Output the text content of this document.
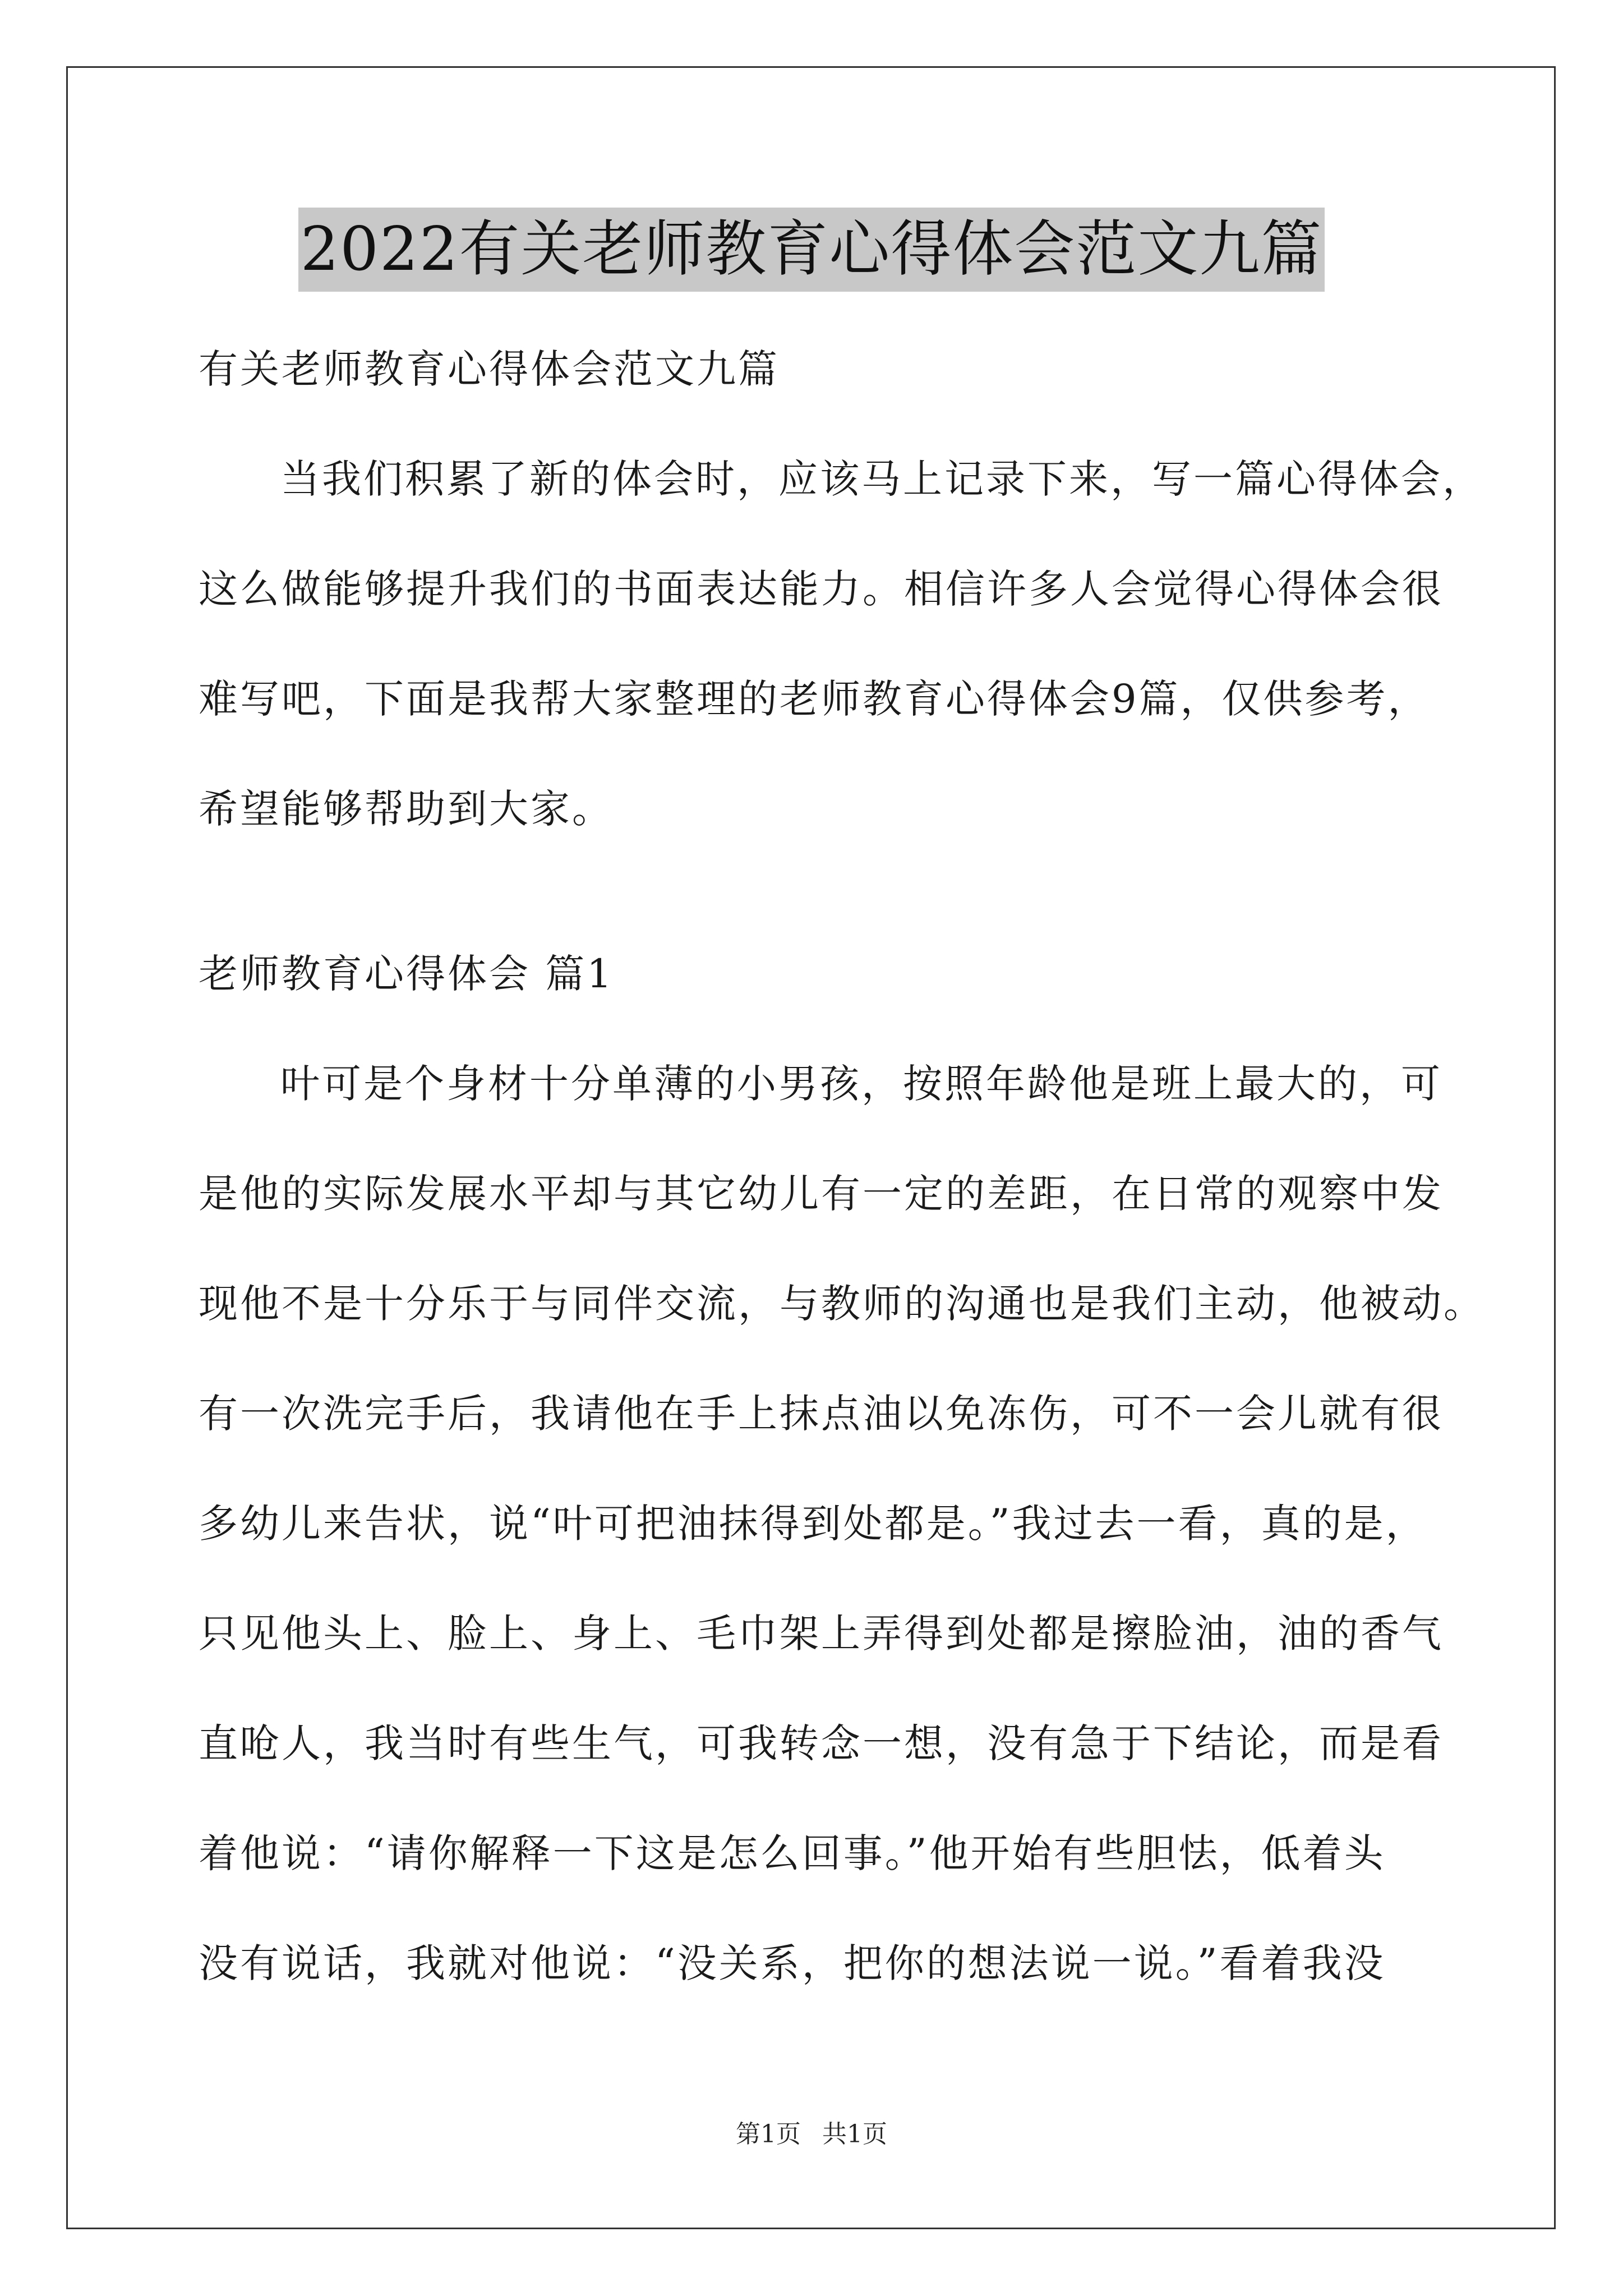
2022有关老师教育心得体会范文九篇
有关老师教育心得体会范文九篇
当我们积累了新的体会时，应该马上记录下来，写一篇心得体会，
这么做能够提升我们的书面表达能力。相信许多人会觉得心得体会很
难写吧，下面是我帮大家整理的老师教育心得体会9篇，仅供参考，
希望能够帮助到大家。
老师教育心得体会 篇1
叶可是个身材十分单薄的小男孩，按照年龄他是班上最大的，可
是他的实际发展水平却与其它幼儿有一定的差距，在日常的观察中发
现他不是十分乐于与同伴交流，与教师的沟通也是我们主动，他被动。
有一次洗完手后，我请他在手上抹点油以免冻伤，可不一会儿就有很
多幼儿来告状，说“叶可把油抹得到处都是。”我过去一看，真的是，
只见他头上、脸上、身上、毛巾架上弄得到处都是擦脸油，油的香气
直呛人，我当时有些生气，可我转念一想，没有急于下结论，而是看
着他说：“请你解释一下这是怎么回事。”他开始有些胆怯，低着头
没有说话，我就对他说：“没关系，把你的想法说一说。”看着我没
第1页 共1页
